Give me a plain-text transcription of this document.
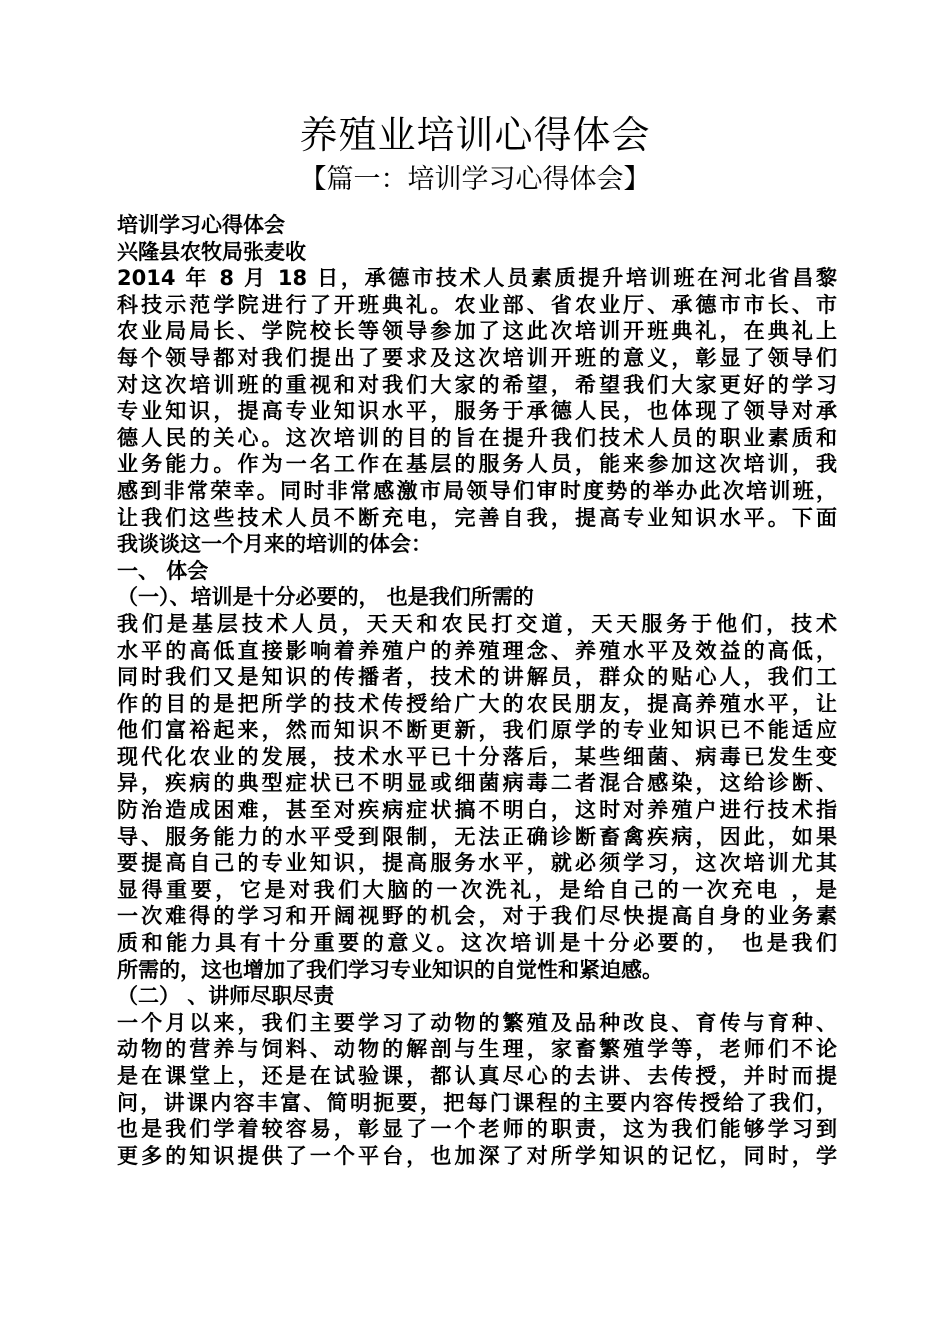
养殖业培训心得体会
【篇一：培训学习心得体会】
培训学习心得体会
兴隆县农牧局张麦收
2014 年 8 月 18 日，承德市技术人员素质提升培训班在河北省昌黎
科技示范学院进行了开班典礼。农业部、省农业厅、承德市市长、市
农业局局长、学院校长等领导参加了这此次培训开班典礼，在典礼上
每个领导都对我们提出了要求及这次培训开班的意义，彰显了领导们
对这次培训班的重视和对我们大家的希望，希望我们大家更好的学习
专业知识，提高专业知识水平，服务于承德人民，也体现了领导对承
德人民的关心。这次培训的目的旨在提升我们技术人员的职业素质和
业务能力。作为一名工作在基层的服务人员，能来参加这次培训，我
感到非常荣幸。同时非常感激市局领导们审时度势的举办此次培训班，
让我们这些技术人员不断充电，完善自我，提高专业知识水平。下面
我谈谈这一个月来的培训的体会：
一、 体会
（一）、培训是十分必要的， 也是我们所需的
我们是基层技术人员，天天和农民打交道，天天服务于他们，技术
水平的高低直接影响着养殖户的养殖理念、养殖水平及效益的高低，
同时我们又是知识的传播者，技术的讲解员，群众的贴心人，我们工
作的目的是把所学的技术传授给广大的农民朋友，提高养殖水平，让
他们富裕起来，然而知识不断更新，我们原学的专业知识已不能适应
现代化农业的发展，技术水平已十分落后，某些细菌、病毒已发生变
异，疾病的典型症状已不明显或细菌病毒二者混合感染，这给诊断、
防治造成困难，甚至对疾病症状搞不明白，这时对养殖户进行技术指
导、服务能力的水平受到限制，无法正确诊断畜禽疾病，因此，如果
要提高自己的专业知识，提高服务水平，就必须学习，这次培训尤其
显得重要，它是对我们大脑的一次洗礼，是给自己的一次充电 ，是
一次难得的学习和开阔视野的机会，对于我们尽快提高自身的业务素
质和能力具有十分重要的意义。这次培训是十分必要的， 也是我们
所需的，这也增加了我们学习专业知识的自觉性和紧迫感。
（二） 、讲师尽职尽责
一个月以来，我们主要学习了动物的繁殖及品种改良、育传与育种、
动物的营养与饲料、动物的解剖与生理，家畜繁殖学等，老师们不论
是在课堂上，还是在试验课，都认真尽心的去讲、去传授，并时而提
问，讲课内容丰富、简明扼要，把每门课程的主要内容传授给了我们，
也是我们学着较容易，彰显了一个老师的职责，这为我们能够学习到
更多的知识提供了一个平台，也加深了对所学知识的记忆，同时，学
